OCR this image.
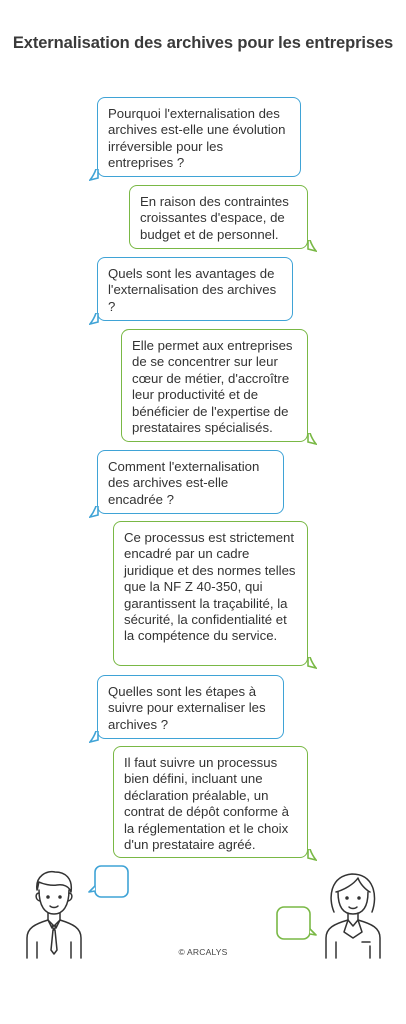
Externalisation des archives pour les entreprises
Pourquoi l'externalisation des archives est-elle une évolution irréversible pour les entreprises ?
En raison des contraintes croissantes d'espace, de budget et de personnel.
Quels sont les avantages de l'externalisation des archives ?
Elle permet aux entreprises de se concentrer sur leur cœur de métier, d'accroître leur productivité et de bénéficier de l'expertise de prestataires spécialisés.
Comment l'externalisation des archives est-elle encadrée ?
Ce processus est strictement encadré par un cadre juridique et des normes telles que la NF Z 40-350, qui garantissent la traçabilité, la sécurité, la confidentialité et la compétence du service.
Quelles sont les étapes à suivre pour externaliser les archives ?
Il faut suivre un processus bien défini, incluant une déclaration préalable, un contrat de dépôt conforme à la réglementation et le choix d'un prestataire agréé.
© ARCALYS
